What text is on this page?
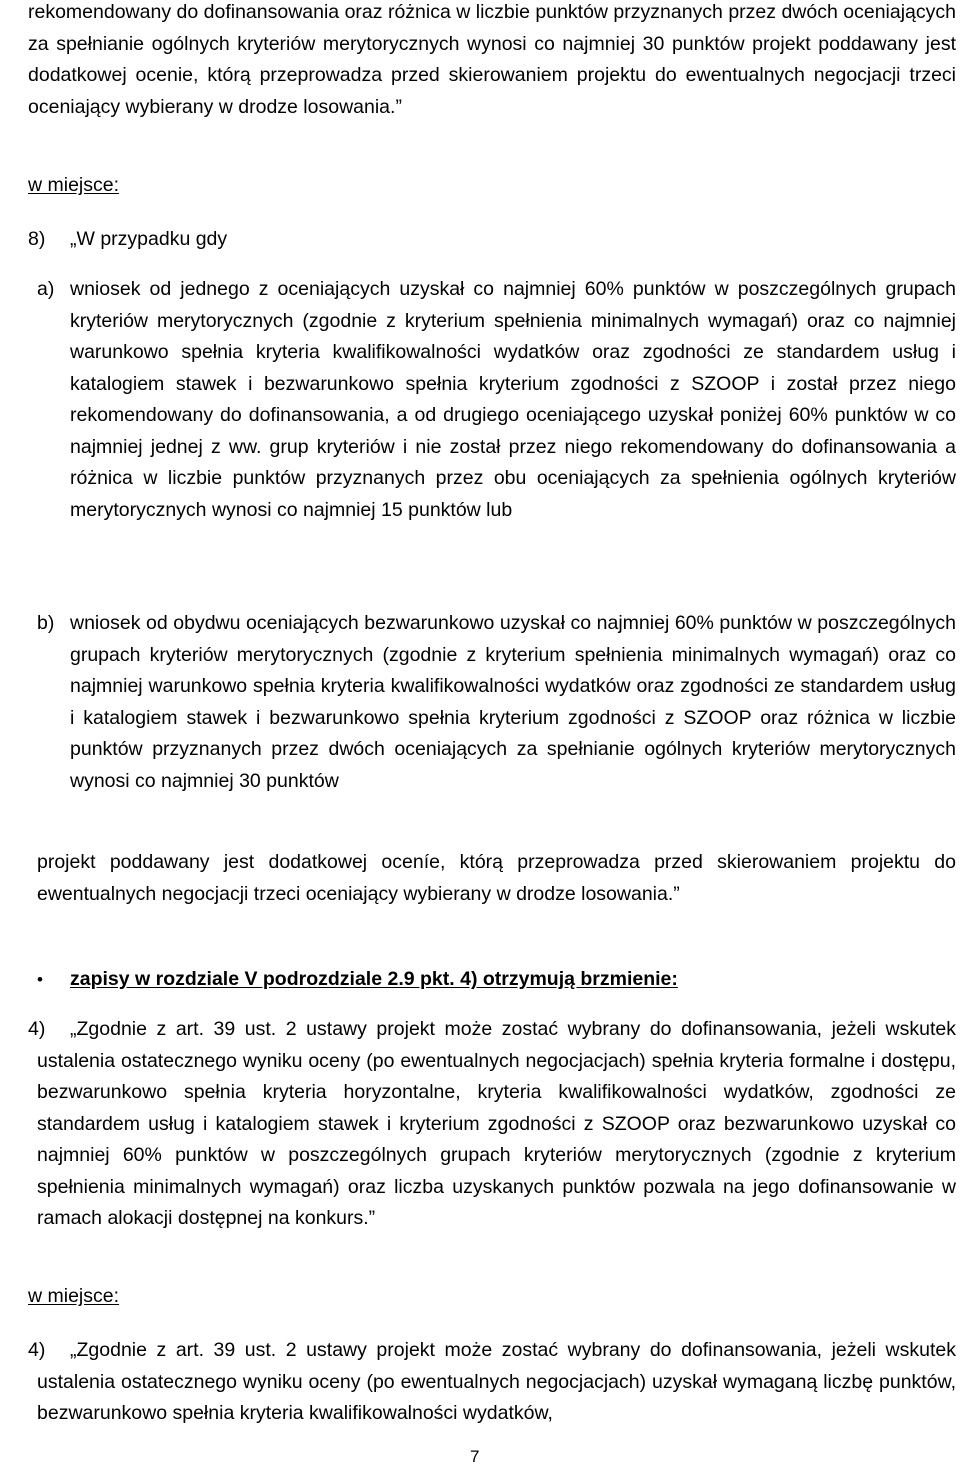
rekomendowany do dofinansowania oraz różnica w liczbie punktów przyznanych przez dwóch oceniających za spełnianie ogólnych kryteriów merytorycznych wynosi co najmniej 30 punktów projekt poddawany jest dodatkowej ocenie, którą przeprowadza przed skierowaniem projektu do ewentualnych negocjacji trzeci oceniający wybierany w drodze losowania.”

w miejsce:
8) „W przypadku gdy
a) wniosek od jednego z oceniających uzyskał co najmniej 60% punktów w poszczególnych grupach kryteriów merytorycznych (zgodnie z kryterium spełnienia minimalnych wymagań) oraz co najmniej warunkowo spełnia kryteria kwalifikowalności wydatków oraz zgodności ze standardem usług i katalogiem stawek i bezwarunkowo spełnia kryterium zgodności z SZOOP i został przez niego rekomendowany do dofinansowania, a od drugiego oceniającego uzyskał poniżej 60% punktów w co najmniej jednej z ww. grup kryteriów i nie został przez niego rekomendowany do dofinansowania a różnica w liczbie punktów przyznanych przez obu oceniających za spełnienia ogólnych kryteriów merytorycznych wynosi co najmniej 15 punktów lub

b) wniosek od obydwu oceniających bezwarunkowo uzyskał co najmniej 60% punktów w poszczególnych grupach kryteriów merytorycznych (zgodnie z kryterium spełnienia minimalnych wymagań) oraz co najmniej warunkowo spełnia kryteria kwalifikowalności wydatków oraz zgodności ze standardem usług i katalogiem stawek i bezwarunkowo spełnia kryterium zgodności z SZOOP oraz różnica w liczbie punktów przyznanych przez dwóch oceniających za spełnianie ogólnych kryteriów merytorycznych wynosi co najmniej 30 punktów

projekt poddawany jest dodatkowej oceníe, którą przeprowadza przed skierowaniem projektu do ewentualnych negocjacji trzeci oceniający wybierany w drodze losowania.”

• zapisy w rozdziale V podrozdziale 2.9 pkt. 4) otrzymują brzmienie:
4)	„Zgodnie z art. 39 ust. 2 ustawy projekt może zostać wybrany do dofinansowania, jeżeli wskutek ustalenia ostatecznego wyniku oceny (po ewentualnych negocjacjach) spełnia kryteria formalne i dostępu, bezwarunkowo spełnia kryteria horyzontalne, kryteria kwalifikowalności wydatków, zgodności ze standardem usług i katalogiem stawek i kryterium zgodności z SZOOP oraz bezwarunkowo uzyskał co najmniej 60% punktów w poszczególnych grupach kryteriów merytorycznych (zgodnie z kryterium spełnienia minimalnych wymagań) oraz liczba uzyskanych punktów pozwala na jego dofinansowanie w ramach alokacji dostępnej na konkurs.”

w miejsce:
4)	„Zgodnie z art. 39 ust. 2 ustawy projekt może zostać wybrany do dofinansowania, jeżeli wskutek ustalenia ostatecznego wyniku oceny (po ewentualnych negocjacjach) uzyskał wymaganą liczbę punktów, bezwarunkowo spełnia kryteria kwalifikowalności wydatków,

7
